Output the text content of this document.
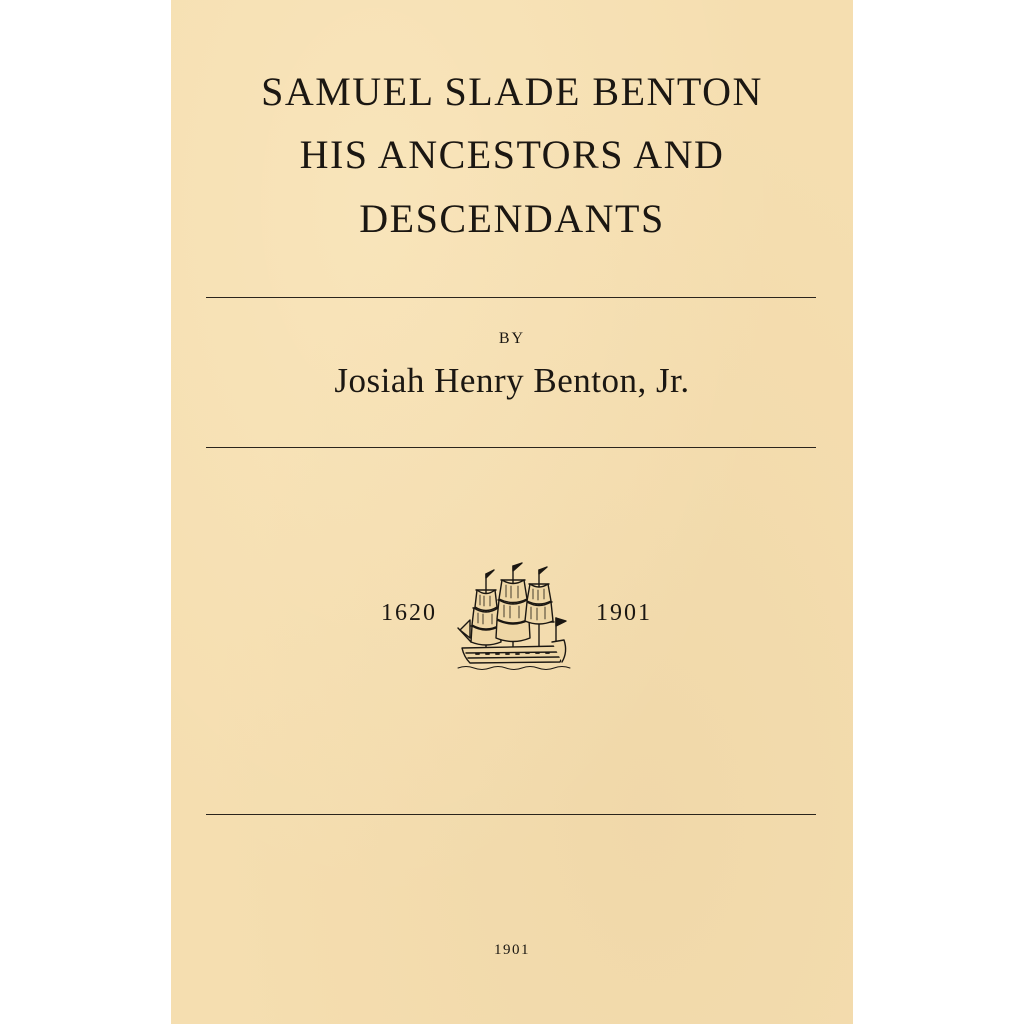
SAMUEL SLADE BENTON
HIS ANCESTORS AND
DESCENDANTS
BY
Josiah Henry Benton, Jr.
1620	1901
1901
